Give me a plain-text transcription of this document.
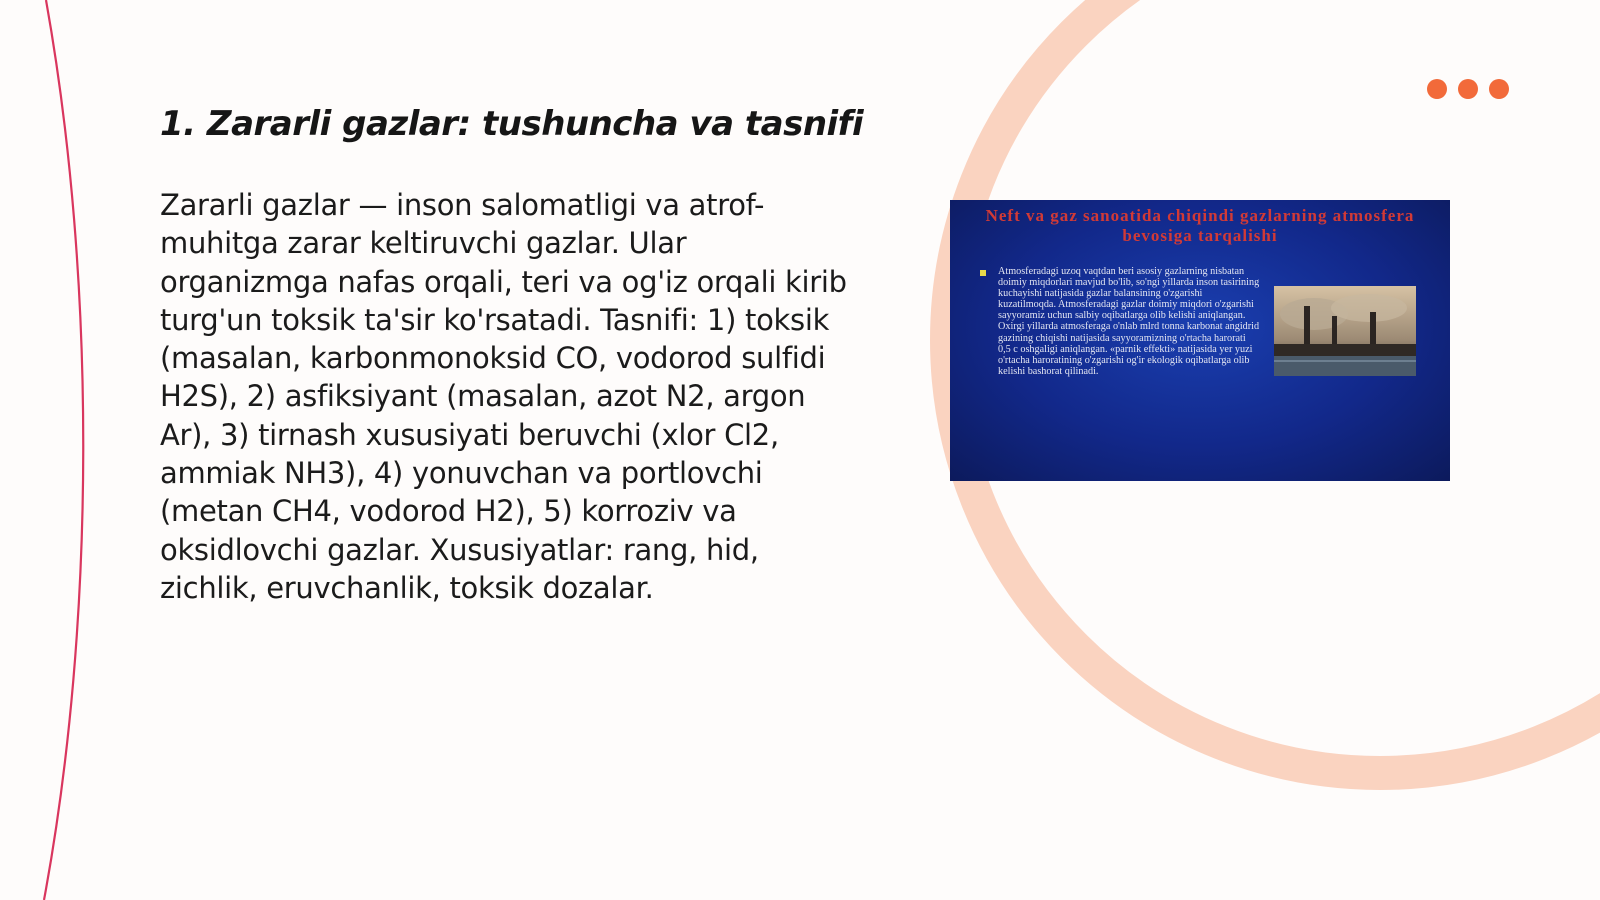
1. Zararli gazlar: tushuncha va tasnifi

Zararli gazlar — inson salomatligi va atrof-muhitga zarar keltiruvchi gazlar. Ular organizmga nafas orqali, teri va og'iz orqali kirib turg'un toksik ta'sir ko'rsatadi. Tasnifi: 1) toksik (masalan, karbonmonoksid CO, vodorod sulfidi H2S), 2) asfiksiyant (masalan, azot N2, argon Ar), 3) tirnash xususiyati beruvchi (xlor Cl2, ammiak NH3), 4) yonuvchan va portlovchi (metan CH4, vodorod H2), 5) korroziv va oksidlovchi gazlar. Xususiyatlar: rang, hid, zichlik, eruvchanlik, toksik dozalar.

Neft va gaz sanoatida chiqindi gazlarning atmosfera bevosiga tarqalishi

Atmosferadagi uzoq vaqtdan beri asosiy gazlarning nisbatan doimiy miqdorlari mavjud bo'lib, so'ngi yillarda inson tasirining kuchayishi natijasida gazlar balansining o'zgarishi kuzatilmoqda. Atmosferadagi gazlar doimiy miqdori o'zgarishi sayyoramiz uchun salbiy oqibatlarga olib kelishi aniqlangan. Oxirgi yillarda atmosferaga o'nlab mlrd tonna karbonat angidrid gazining chiqishi natijasida sayyoramizning o'rtacha harorati 0,5 c oshgaligi aniqlangan. «parnik effekti» natijasida yer yuzi o'rtacha haroratining o'zgarishi og'ir ekologik oqibatlarga olib kelishi bashorat qilinadi.
